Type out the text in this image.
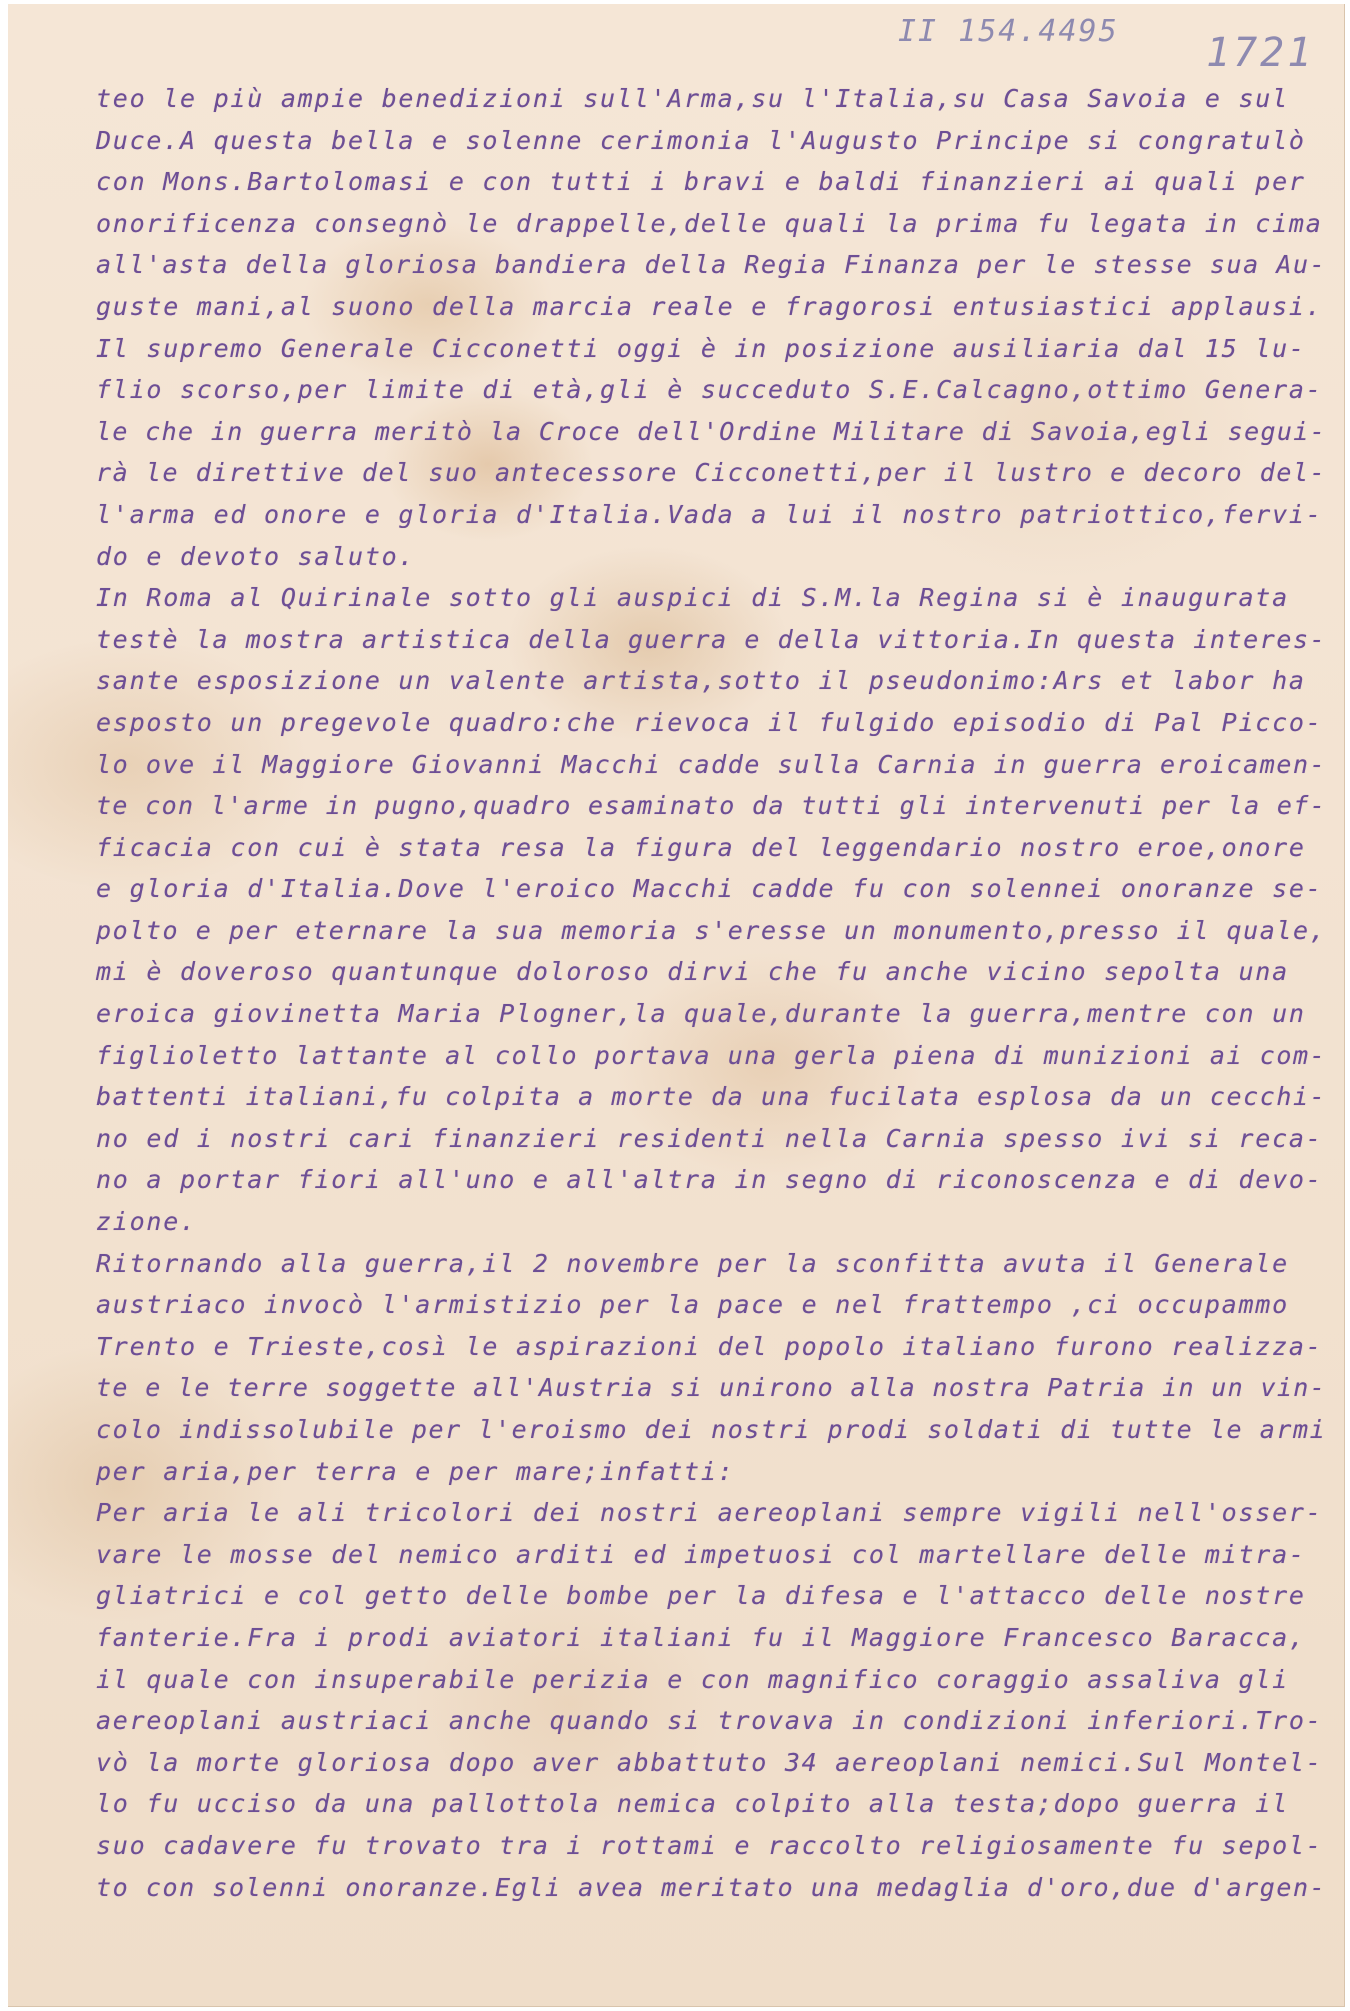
II 154.4495 1721
teo le più ampie benedizioni sull'Arma,su l'Italia,su Casa Savoia e sul
Duce.A questa bella e solenne cerimonia l'Augusto Principe si congratulò
con Mons.Bartolomasi e con tutti i bravi e baldi finanzieri ai quali per
onorificenza consegnò le drappelle,delle quali la prima fu legata in cima
all'asta della gloriosa bandiera della Regia Finanza per le stesse sua Au-
guste mani,al suono della marcia reale e fragorosi entusiastici applausi.
Il supremo Generale Cicconetti oggi è in posizione ausiliaria dal 15 lu-
flio scorso,per limite di età,gli è succeduto S.E.Calcagno,ottimo Genera-
le che in guerra meritò la Croce dell'Ordine Militare di Savoia,egli segui-
rà le direttive del suo antecessore Cicconetti,per il lustro e decoro del-
l'arma ed onore e gloria d'Italia.Vada a lui il nostro patriottico,fervi-
do e devoto saluto.
In Roma al Quirinale sotto gli auspici di S.M.la Regina si è inaugurata
testè la mostra artistica della guerra e della vittoria.In questa interes-
sante esposizione un valente artista,sotto il pseudonimo:Ars et labor ha
esposto un pregevole quadro:che rievoca il fulgido episodio di Pal Picco-
lo ove il Maggiore Giovanni Macchi cadde sulla Carnia in guerra eroicamen-
te con l'arme in pugno,quadro esaminato da tutti gli intervenuti per la ef-
ficacia con cui è stata resa la figura del leggendario nostro eroe,onore
e gloria d'Italia.Dove l'eroico Macchi cadde fu con solennei onoranze se-
polto e per eternare la sua memoria s'eresse un monumento,presso il quale,
mi è doveroso quantunque doloroso dirvi che fu anche vicino sepolta una
eroica giovinetta Maria Plogner,la quale,durante la guerra,mentre con un
figlioletto lattante al collo portava una gerla piena di munizioni ai com-
battenti italiani,fu colpita a morte da una fucilata esplosa da un cecchi-
no ed i nostri cari finanzieri residenti nella Carnia spesso ivi si reca-
no a portar fiori all'uno e all'altra in segno di riconoscenza e di devo-
zione.
Ritornando alla guerra,il 2 novembre per la sconfitta avuta il Generale
austriaco invocò l'armistizio per la pace e nel frattempo ,ci occupammo
Trento e Trieste,così le aspirazioni del popolo italiano furono realizza-
te e le terre soggette all'Austria si unirono alla nostra Patria in un vin-
colo indissolubile per l'eroismo dei nostri prodi soldati di tutte le armi
per aria,per terra e per mare;infatti:
Per aria le ali tricolori dei nostri aereoplani sempre vigili nell'osser-
vare le mosse del nemico arditi ed impetuosi col martellare delle mitra-
gliatrici e col getto delle bombe per la difesa e l'attacco delle nostre
fanterie.Fra i prodi aviatori italiani fu il Maggiore Francesco Baracca,
il quale con insuperabile perizia e con magnifico coraggio assaliva gli
aereoplani austriaci anche quando si trovava in condizioni inferiori.Tro-
vò la morte gloriosa dopo aver abbattuto 34 aereoplani nemici.Sul Montel-
lo fu ucciso da una pallottola nemica colpito alla testa;dopo guerra il
suo cadavere fu trovato tra i rottami e raccolto religiosamente fu sepol-
to con solenni onoranze.Egli avea meritato una medaglia d'oro,due d'argen-
